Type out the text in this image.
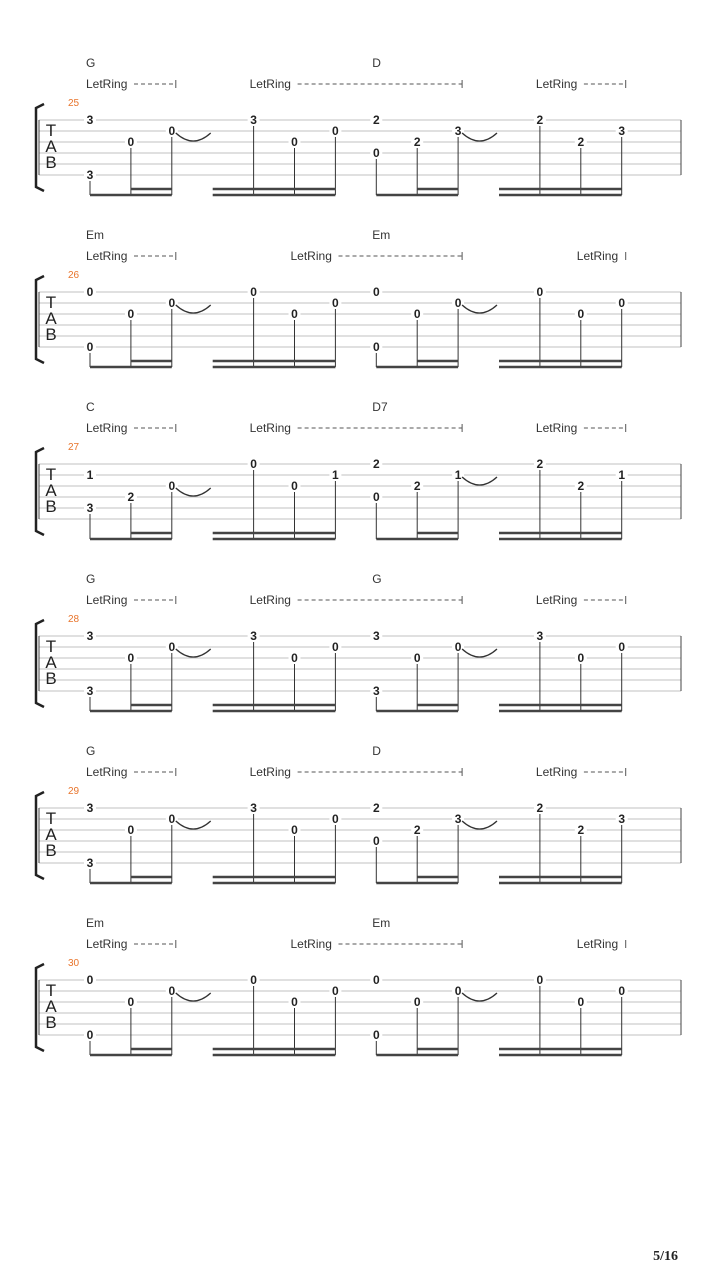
G	D
LetRing	LetRing	LetRing
25
T
A
B
3
3
0
0
3
0
0
2
0
2
3
2
2
3
Em	Em
LetRing	LetRing	LetRing
26
T
A
B
0
0
0
0
0
0
0
0
0
0
0
0
0
0
C	D7
LetRing	LetRing	LetRing
27
T
A
B
1
3
2
0
0
0
1
2
0
2
1
2
2
1
G	G
LetRing	LetRing	LetRing
28
T
A
B
3
3
0
0
3
0
0
3
3
0
0
3
0
0
G	D
LetRing	LetRing	LetRing
29
T
A
B
3
3
0
0
3
0
0
2
0
2
3
2
2
3
Em	Em
LetRing	LetRing	LetRing
30
T
A
B
0
0
0
0
0
0
0
0
0
0
0
0
0
0
5/16
